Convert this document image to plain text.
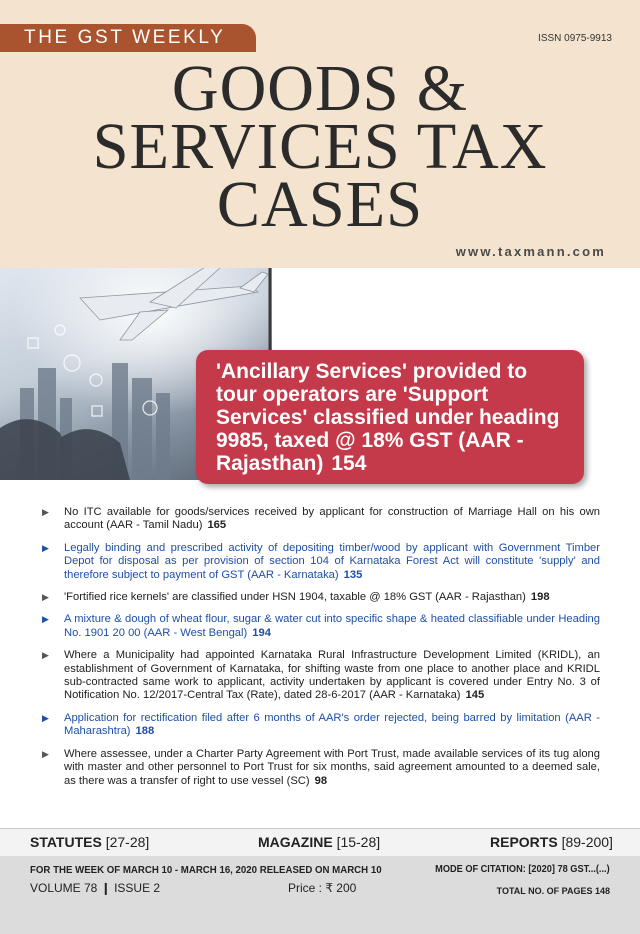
THE GST WEEKLY	ISSN 0975-9913
GOODS &
SERVICES TAX
CASES
www.taxmann.com
'Ancillary Services' provided to tour operators are 'Support Services' classified under heading 9985, taxed @ 18% GST (AAR - Rajasthan) 154
▶ No ITC available for goods/services received by applicant for construction of Marriage Hall on his own account (AAR - Tamil Nadu) 165
▶ Legally binding and prescribed activity of depositing timber/wood by applicant with Government Timber Depot for disposal as per provision of section 104 of Karnataka Forest Act will constitute 'supply' and therefore subject to payment of GST (AAR - Karnataka) 135
▶ 'Fortified rice kernels' are classified under HSN 1904, taxable @ 18% GST (AAR - Rajasthan) 198
▶ A mixture & dough of wheat flour, sugar & water cut into specific shape & heated classifiable under Heading No. 1901 20 00 (AAR - West Bengal) 194
▶ Where a Municipality had appointed Karnataka Rural Infrastructure Development Limited (KRIDL), an establishment of Government of Karnataka, for shifting waste from one place to another place and KRIDL sub-contracted same work to applicant, activity undertaken by applicant is covered under Entry No. 3 of Notification No. 12/2017-Central Tax (Rate), dated 28-6-2017 (AAR - Karnataka) 145
▶ Application for rectification filed after 6 months of AAR's order rejected, being barred by limitation (AAR - Maharashtra) 188
▶ Where assessee, under a Charter Party Agreement with Port Trust, made available services of its tug along with master and other personnel to Port Trust for six months, said agreement amounted to a deemed sale, as there was a transfer of right to use vessel (SC) 98
STATUTES [27-28]	MAGAZINE [15-28]	REPORTS [89-200]
FOR THE WEEK OF MARCH 10 - MARCH 16, 2020 RELEASED ON MARCH 10
VOLUME 78 ❙ ISSUE 2	Price : ₹ 200
MODE OF CITATION: [2020] 78 GST...(...)
TOTAL NO. OF PAGES 148
